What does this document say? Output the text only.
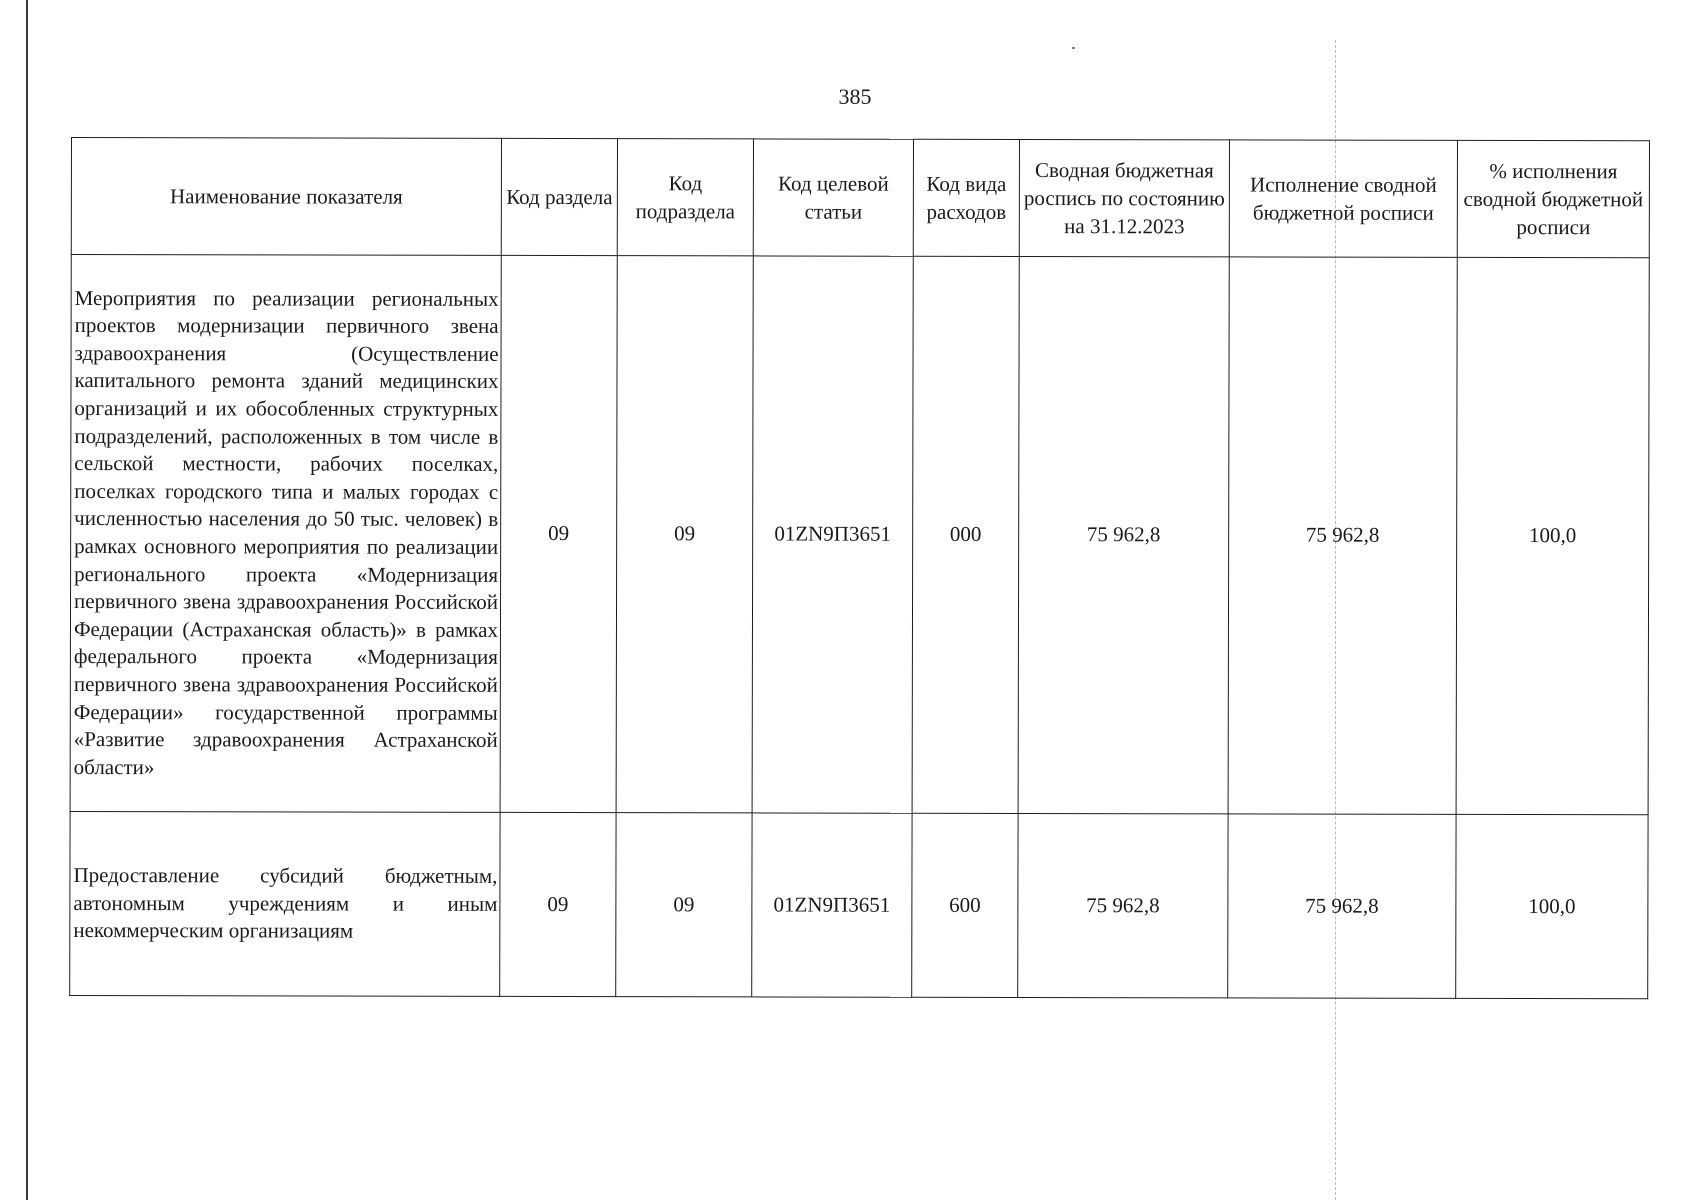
385
Наименование показателя	Код раздела	Код подраздела	Код целевой статьи	Код вида расходов	Сводная бюджетная роспись по состоянию на 31.12.2023	Исполнение сводной бюджетной росписи	% исполнения сводной бюджетной росписи
Мероприятия по реализации региональных проектов модернизации первичного звена здравоохранения (Осуществление капитального ремонта зданий медицинских организаций и их обособленных структурных подразделений, расположенных в том числе в сельской местности, рабочих поселках, поселках городского типа и малых городах с численностью населения до 50 тыс. человек) в рамках основного мероприятия по реализации регионального проекта «Модернизация первичного звена здравоохранения Российской Федерации (Астраханская область)» в рамках федерального проекта «Модернизация первичного звена здравоохранения Российской Федерации» государственной программы «Развитие здравоохранения Астраханской области»	09	09	01ZN9П3651	000	75 962,8	75 962,8	100,0
Предоставление субсидий бюджетным, автономным учреждениям и иным некоммерческим организациям	09	09	01ZN9П3651	600	75 962,8	75 962,8	100,0
